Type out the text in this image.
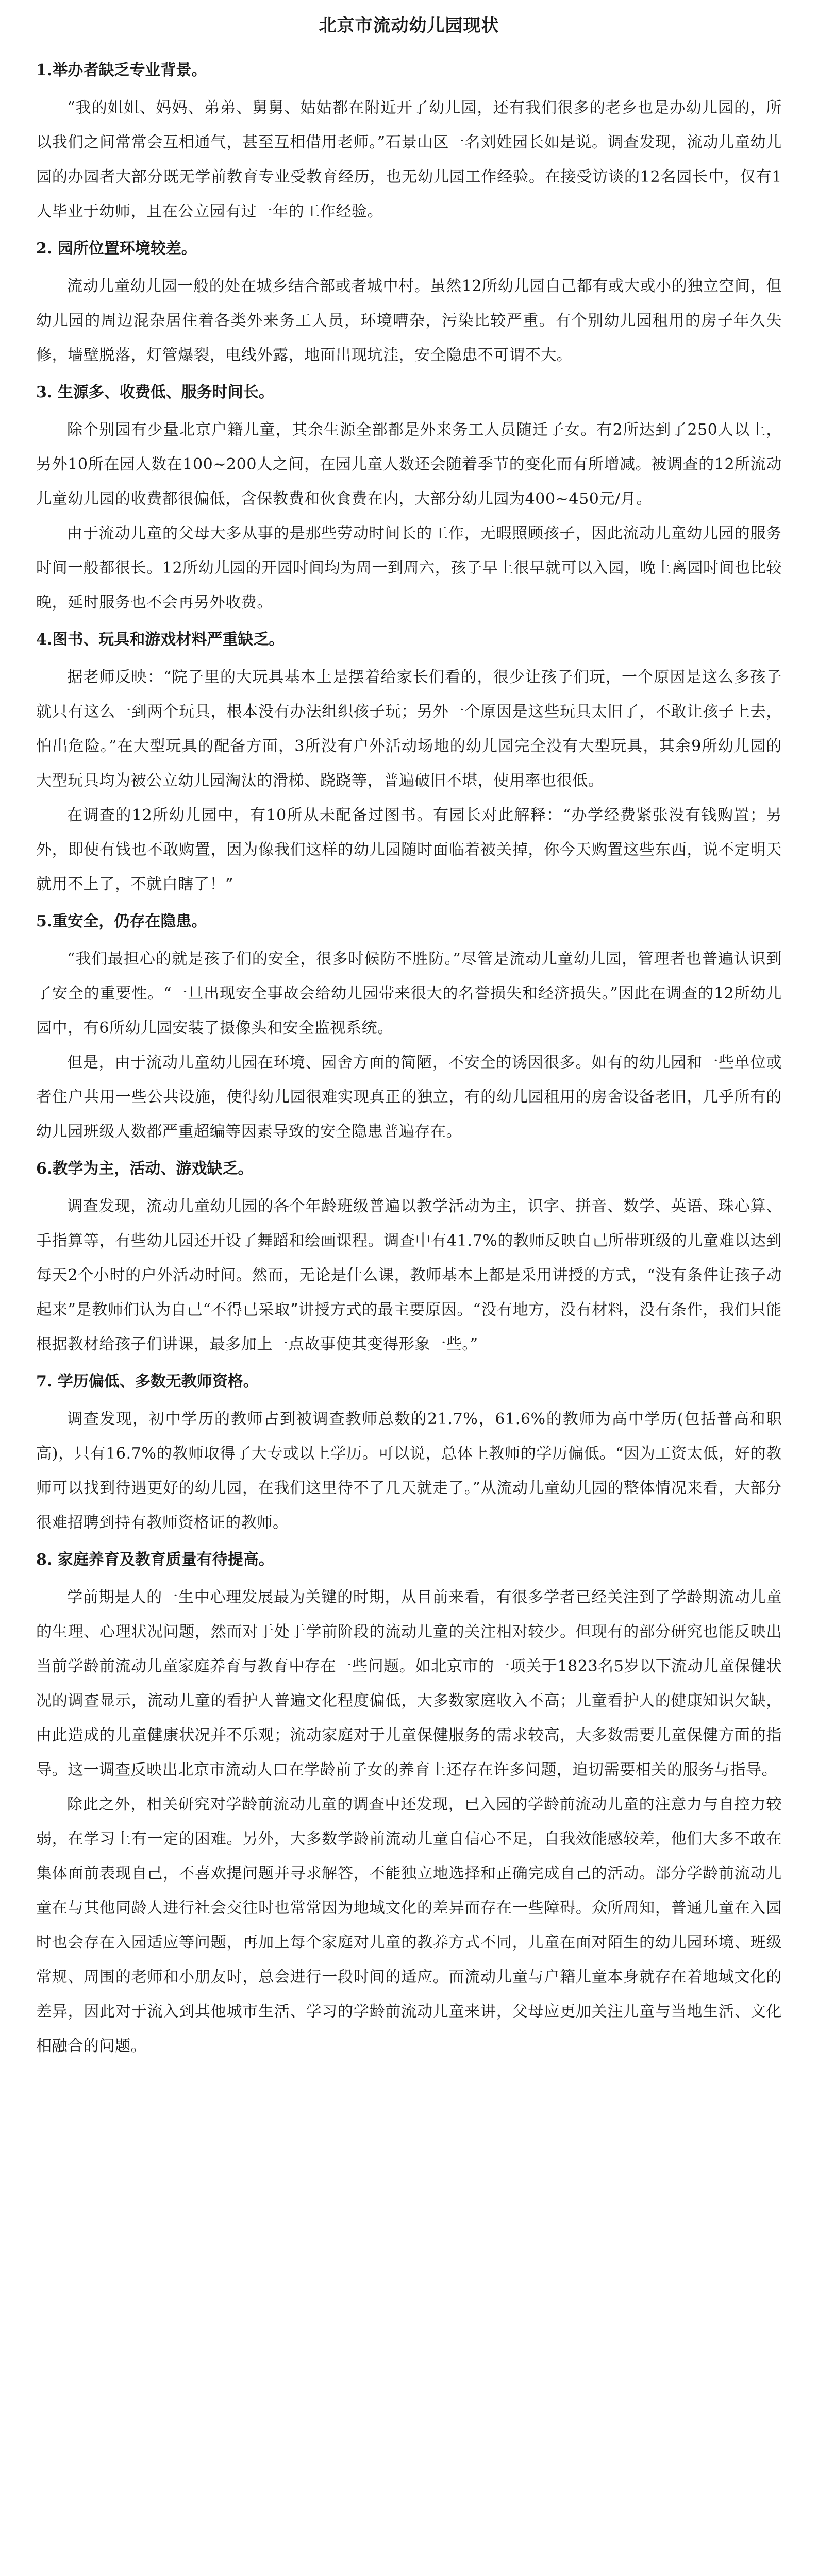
北京市流动幼儿园现状
1.举办者缺乏专业背景。

“我的姐姐、妈妈、弟弟、舅舅、姑姑都在附近开了幼儿园，还有我们很多的老乡也是办幼儿园的，所以我们之间常常会互相通气，甚至互相借用老师。”石景山区一名刘姓园长如是说。调查发现，流动儿童幼儿园的办园者大部分既无学前教育专业受教育经历，也无幼儿园工作经验。在接受访谈的12名园长中，仅有1人毕业于幼师，且在公立园有过一年的工作经验。

2. 园所位置环境较差。

流动儿童幼儿园一般的处在城乡结合部或者城中村。虽然12所幼儿园自己都有或大或小的独立空间，但幼儿园的周边混杂居住着各类外来务工人员，环境嘈杂，污染比较严重。有个别幼儿园租用的房子年久失修，墙壁脱落，灯管爆裂，电线外露，地面出现坑洼，安全隐患不可谓不大。

3. 生源多、收费低、服务时间长。

除个别园有少量北京户籍儿童，其余生源全部都是外来务工人员随迁子女。有2所达到了250人以上，另外10所在园人数在100~200人之间，在园儿童人数还会随着季节的变化而有所增减。被调查的12所流动儿童幼儿园的收费都很偏低，含保教费和伙食费在内，大部分幼儿园为400~450元/月。

由于流动儿童的父母大多从事的是那些劳动时间长的工作，无暇照顾孩子，因此流动儿童幼儿园的服务时间一般都很长。12所幼儿园的开园时间均为周一到周六，孩子早上很早就可以入园，晚上离园时间也比较晚，延时服务也不会再另外收费。

4.图书、玩具和游戏材料严重缺乏。

据老师反映：“院子里的大玩具基本上是摆着给家长们看的，很少让孩子们玩，一个原因是这么多孩子就只有这么一到两个玩具，根本没有办法组织孩子玩；另外一个原因是这些玩具太旧了，不敢让孩子上去，怕出危险。”在大型玩具的配备方面，3所没有户外活动场地的幼儿园完全没有大型玩具，其余9所幼儿园的大型玩具均为被公立幼儿园淘汰的滑梯、跷跷等，普遍破旧不堪，使用率也很低。

在调查的12所幼儿园中，有10所从未配备过图书。有园长对此解释：“办学经费紧张没有钱购置；另外，即使有钱也不敢购置，因为像我们这样的幼儿园随时面临着被关掉，你今天购置这些东西，说不定明天就用不上了，不就白瞎了！”

5.重安全，仍存在隐患。

“我们最担心的就是孩子们的安全，很多时候防不胜防。”尽管是流动儿童幼儿园，管理者也普遍认识到了安全的重要性。“一旦出现安全事故会给幼儿园带来很大的名誉损失和经济损失。”因此在调查的12所幼儿园中，有6所幼儿园安装了摄像头和安全监视系统。

但是，由于流动儿童幼儿园在环境、园舍方面的简陋，不安全的诱因很多。如有的幼儿园和一些单位或者住户共用一些公共设施，使得幼儿园很难实现真正的独立，有的幼儿园租用的房舍设备老旧，几乎所有的幼儿园班级人数都严重超编等因素导致的安全隐患普遍存在。

6.教学为主，活动、游戏缺乏。

调查发现，流动儿童幼儿园的各个年龄班级普遍以教学活动为主，识字、拼音、数学、英语、珠心算、手指算等，有些幼儿园还开设了舞蹈和绘画课程。调查中有41.7%的教师反映自己所带班级的儿童难以达到每天2个小时的户外活动时间。然而，无论是什么课，教师基本上都是采用讲授的方式，“没有条件让孩子动起来”是教师们认为自己“不得已采取”讲授方式的最主要原因。“没有地方，没有材料，没有条件，我们只能根据教材给孩子们讲课，最多加上一点故事使其变得形象一些。”

7. 学历偏低、多数无教师资格。

调查发现，初中学历的教师占到被调查教师总数的21.7%，61.6%的教师为高中学历(包括普高和职高)，只有16.7%的教师取得了大专或以上学历。可以说，总体上教师的学历偏低。“因为工资太低，好的教师可以找到待遇更好的幼儿园，在我们这里待不了几天就走了。”从流动儿童幼儿园的整体情况来看，大部分很难招聘到持有教师资格证的教师。

8. 家庭养育及教育质量有待提高。

学前期是人的一生中心理发展最为关键的时期，从目前来看，有很多学者已经关注到了学龄期流动儿童的生理、心理状况问题，然而对于处于学前阶段的流动儿童的关注相对较少。但现有的部分研究也能反映出当前学龄前流动儿童家庭养育与教育中存在一些问题。如北京市的一项关于1823名5岁以下流动儿童保健状况的调查显示，流动儿童的看护人普遍文化程度偏低，大多数家庭收入不高；儿童看护人的健康知识欠缺，由此造成的儿童健康状况并不乐观；流动家庭对于儿童保健服务的需求较高，大多数需要儿童保健方面的指导。这一调查反映出北京市流动人口在学龄前子女的养育上还存在许多问题，迫切需要相关的服务与指导。

除此之外，相关研究对学龄前流动儿童的调查中还发现，已入园的学龄前流动儿童的注意力与自控力较弱，在学习上有一定的困难。另外，大多数学龄前流动儿童自信心不足，自我效能感较差，他们大多不敢在集体面前表现自己，不喜欢提问题并寻求解答，不能独立地选择和正确完成自己的活动。部分学龄前流动儿童在与其他同龄人进行社会交往时也常常因为地域文化的差异而存在一些障碍。众所周知，普通儿童在入园时也会存在入园适应等问题，再加上每个家庭对儿童的教养方式不同，儿童在面对陌生的幼儿园环境、班级常规、周围的老师和小朋友时，总会进行一段时间的适应。而流动儿童与户籍儿童本身就存在着地域文化的差异，因此对于流入到其他城市生活、学习的学龄前流动儿童来讲，父母应更加关注儿童与当地生活、文化相融合的问题。
